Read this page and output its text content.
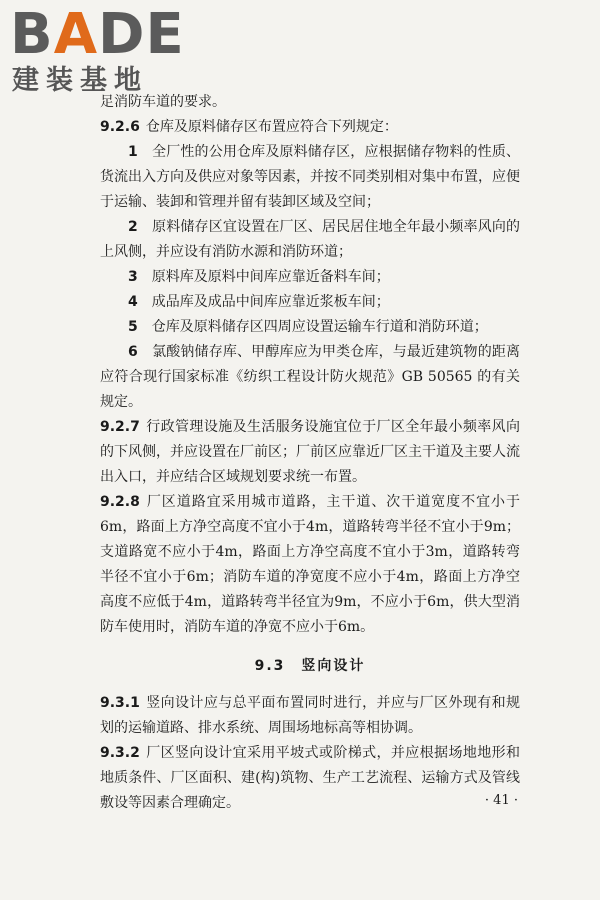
BADE
建装基地

足消防车道的要求。

9.2.6 仓库及原料储存区布置应符合下列规定：

1　 全厂性的公用仓库及原料储存区，应根据储存物料的性质、货流出入方向及供应对象等因素，并按不同类别相对集中布置，应便于运输、装卸和管理并留有装卸区域及空间；

2　 原料储存区宜设置在厂区、居民居住地全年最小频率风向的上风侧，并应设有消防水源和消防环道；

3　 原料库及原料中间库应靠近备料车间；

4　 成品库及成品中间库应靠近浆板车间；

5　 仓库及原料储存区四周应设置运输车行道和消防环道；

6　 氯酸钠储存库、甲醇库应为甲类仓库，与最近建筑物的距离应符合现行国家标准《纺织工程设计防火规范》GB 50565 的有关规定。

9.2.7 行政管理设施及生活服务设施宜位于厂区全年最小频率风向的下风侧，并应设置在厂前区；厂前区应靠近厂区主干道及主要人流出入口，并应结合区域规划要求统一布置。

9.2.8 厂区道路宜采用城市道路，主干道、次干道宽度不宜小于6m，路面上方净空高度不宜小于4m，道路转弯半径不宜小于9m；支道路宽不应小于4m，路面上方净空高度不宜小于3m，道路转弯半径不宜小于6m；消防车道的净宽度不应小于4m，路面上方净空高度不应低于4m，道路转弯半径宜为9m，不应小于6m，供大型消防车使用时，消防车道的净宽不应小于6m。

9.3　竖向设计

9.3.1 竖向设计应与总平面布置同时进行，并应与厂区外现有和规划的运输道路、排水系统、周围场地标高等相协调。

9.3.2 厂区竖向设计宜采用平坡式或阶梯式，并应根据场地地形和地质条件、厂区面积、建(构)筑物、生产工艺流程、运输方式及管线敷设等因素合理确定。	· 41 ·
